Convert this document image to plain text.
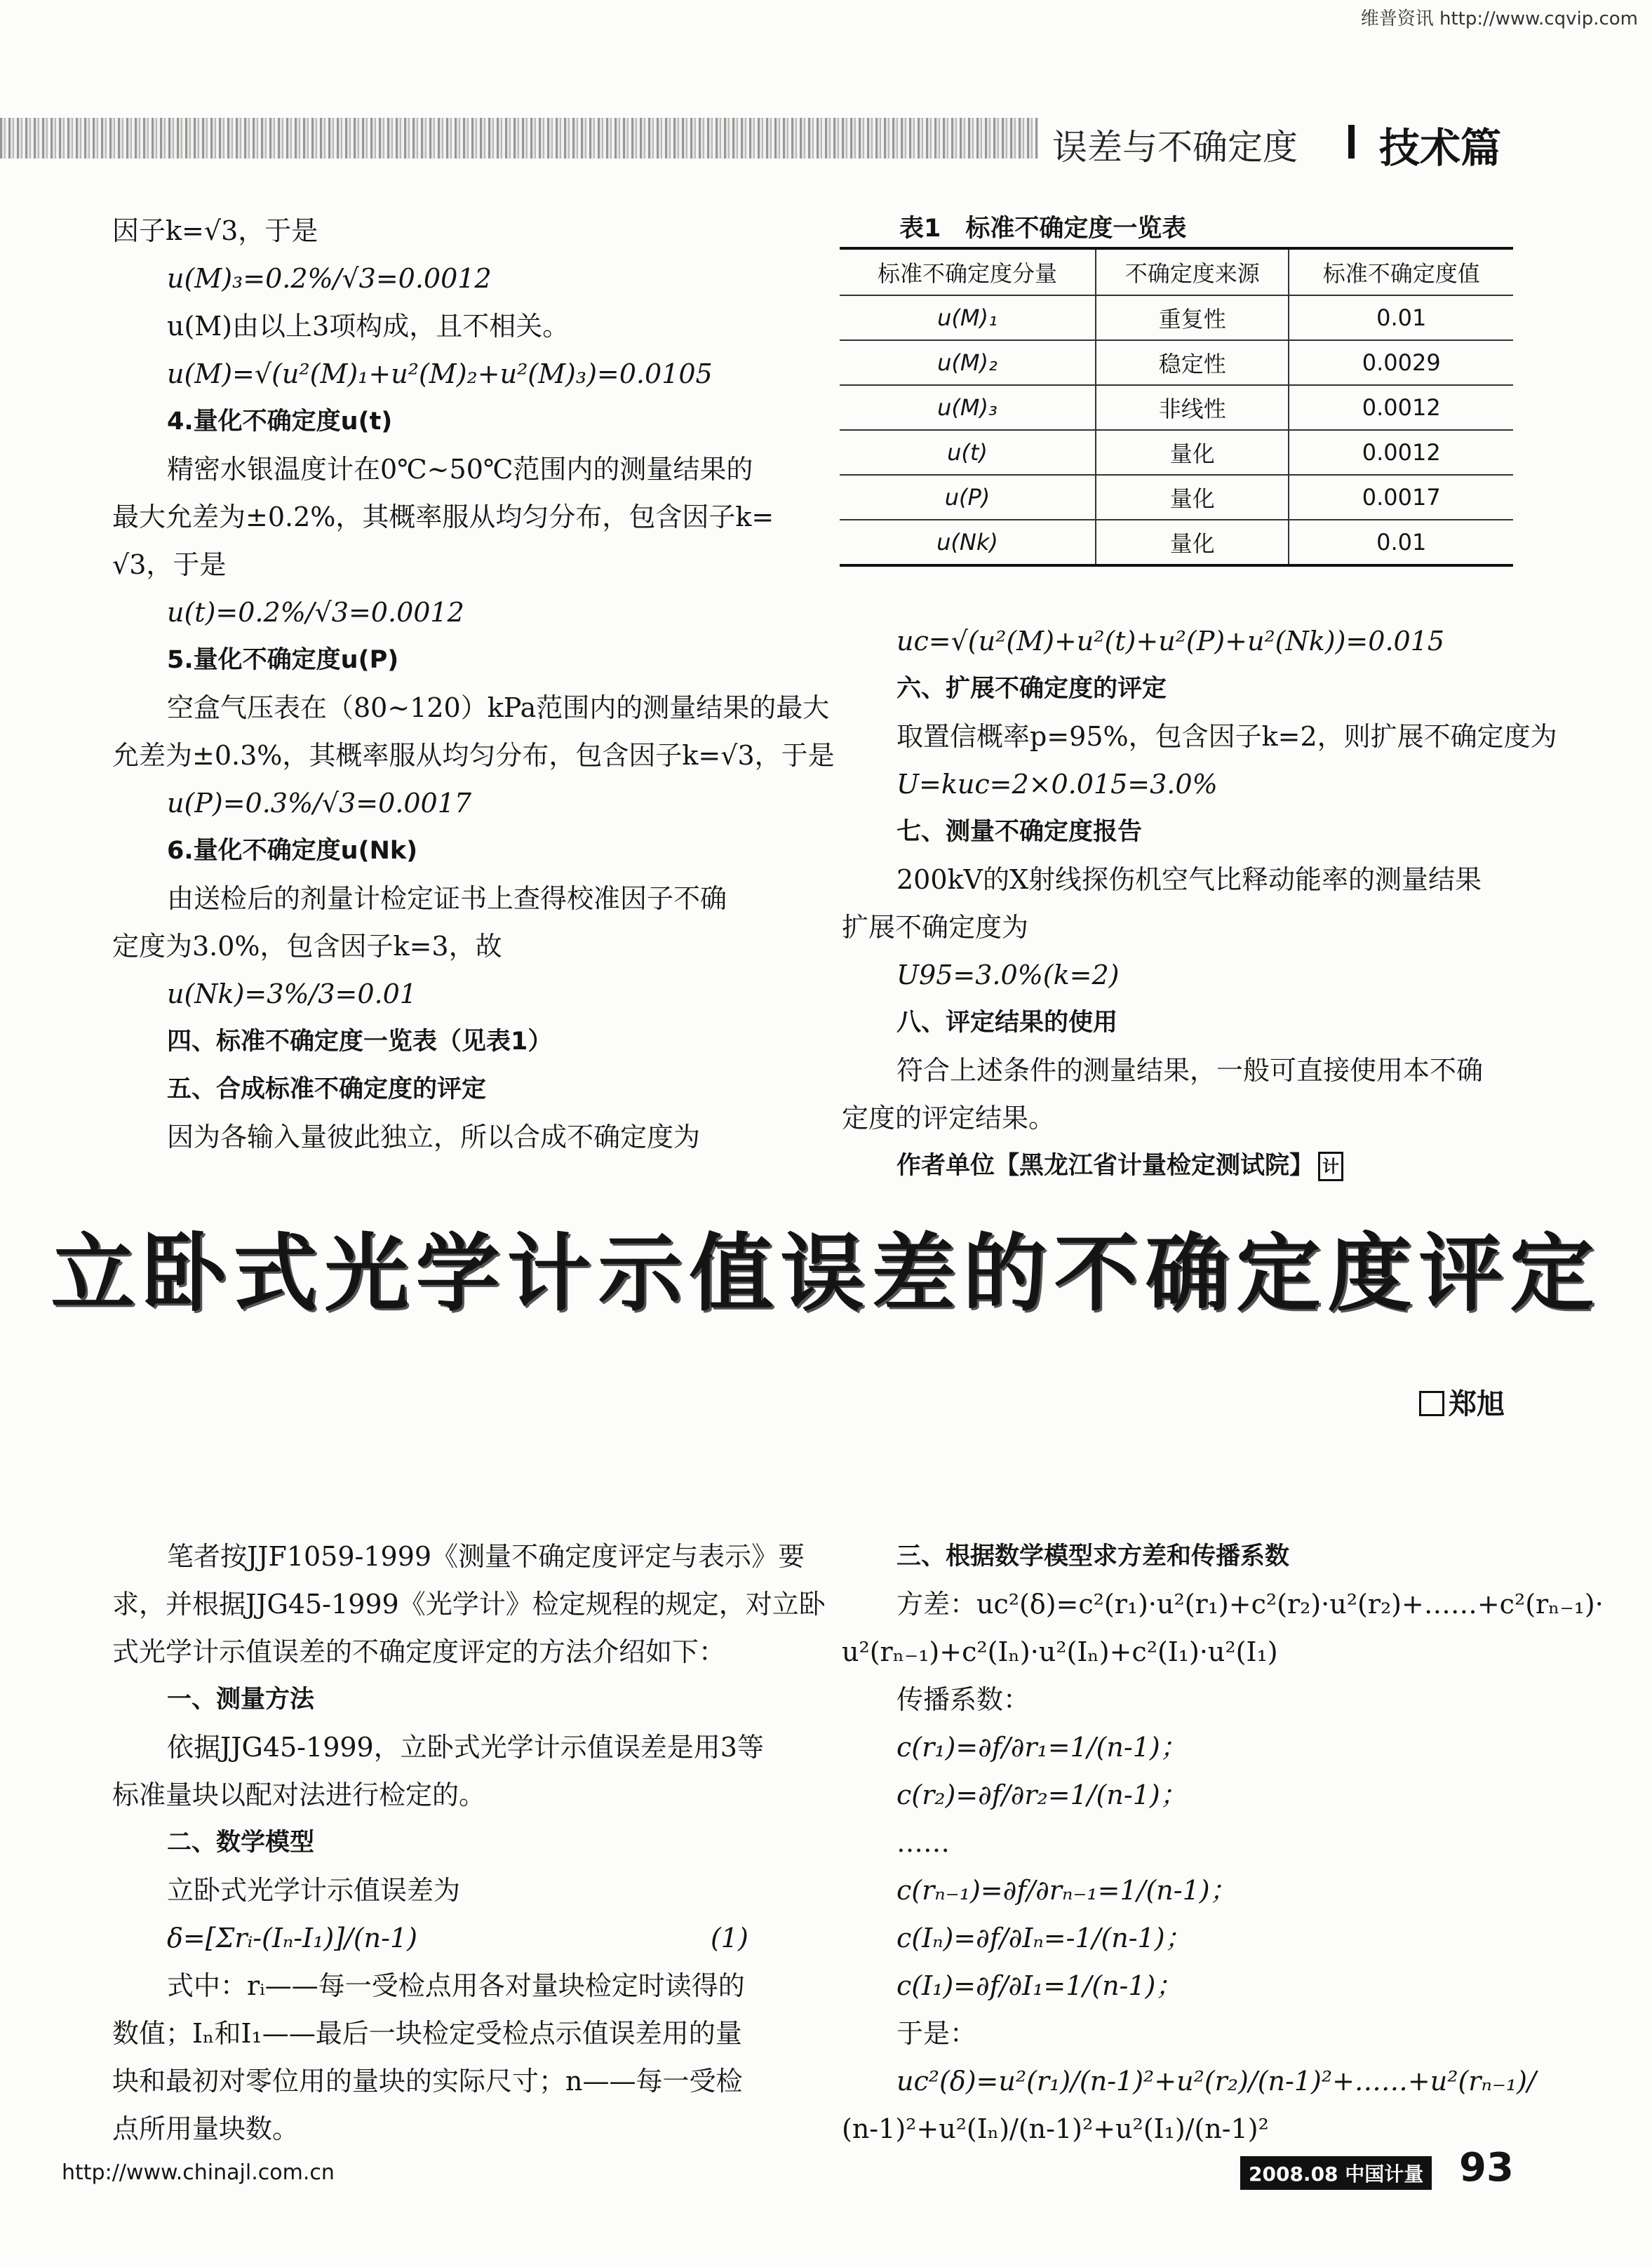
维普资讯 http://www.cqvip.com
误差与不确定度 技术篇

因子k=√3，于是

u(M)₃=0.2%/√3=0.0012

u(M)由以上3项构成，且不相关。

u(M)=√(u²(M)₁+u²(M)₂+u²(M)₃)=0.0105

4.量化不确定度u(t)

精密水银温度计在0℃~50℃范围内的测量结果的

最大允差为±0.2%，其概率服从均匀分布，包含因子k=

√3，于是

u(t)=0.2%/√3=0.0012

5.量化不确定度u(P)

空盒气压表在（80~120）kPa范围内的测量结果的最大

允差为±0.3%，其概率服从均匀分布，包含因子k=√3，于是

u(P)=0.3%/√3=0.0017

6.量化不确定度u(Nk)

由送检后的剂量计检定证书上查得校准因子不确

定度为3.0%，包含因子k=3，故

u(Nk)=3%/3=0.01

四、标准不确定度一览表（见表1）

五、合成标准不确定度的评定

因为各输入量彼此独立，所以合成不确定度为

表1　标准不确定度一览表
标准不确定度分量	不确定度来源	标准不确定度值
u(M)₁	重复性	0.01
u(M)₂	稳定性	0.0029
u(M)₃	非线性	0.0012
u(t)	量化	0.0012
u(P)	量化	0.0017
u(Nk)	量化	0.01

uc=√(u²(M)+u²(t)+u²(P)+u²(Nk))=0.015

六、扩展不确定度的评定

取置信概率p=95%，包含因子k=2，则扩展不确定度为

U=kuc=2×0.015=3.0%

七、测量不确定度报告

200kV的X射线探伤机空气比释动能率的测量结果

扩展不确定度为

U95=3.0%(k=2)

八、评定结果的使用

符合上述条件的测量结果，一般可直接使用本不确

定度的评定结果。

作者单位【黑龙江省计量检定测试院】 计

立卧式光学计示值误差的不确定度评定
郑旭

笔者按JJF1059-1999《测量不确定度评定与表示》要

求，并根据JJG45-1999《光学计》检定规程的规定，对立卧

式光学计示值误差的不确定度评定的方法介绍如下：

一、测量方法

依据JJG45-1999，立卧式光学计示值误差是用3等

标准量块以配对法进行检定的。

二、数学模型

立卧式光学计示值误差为

δ=[Σrᵢ-(Iₙ-I₁)]/(n-1)　　　　　　　　　　　(1)

式中：rᵢ——每一受检点用各对量块检定时读得的

数值；Iₙ和I₁——最后一块检定受检点示值误差用的量

块和最初对零位用的量块的实际尺寸；n——每一受检

点所用量块数。

三、根据数学模型求方差和传播系数

方差：uc²(δ)=c²(r₁)·u²(r₁)+c²(r₂)·u²(r₂)+……+c²(rₙ₋₁)·

u²(rₙ₋₁)+c²(Iₙ)·u²(Iₙ)+c²(I₁)·u²(I₁)

传播系数：

c(r₁)=∂f/∂r₁=1/(n-1)；

c(r₂)=∂f/∂r₂=1/(n-1)；

……

c(rₙ₋₁)=∂f/∂rₙ₋₁=1/(n-1)；

c(Iₙ)=∂f/∂Iₙ=-1/(n-1)；

c(I₁)=∂f/∂I₁=1/(n-1)；

于是：

uc²(δ)=u²(r₁)/(n-1)²+u²(r₂)/(n-1)²+……+u²(rₙ₋₁)/

(n-1)²+u²(Iₙ)/(n-1)²+u²(I₁)/(n-1)²

http://www.chinajl.com.cn	2008.08 中国计量 93
